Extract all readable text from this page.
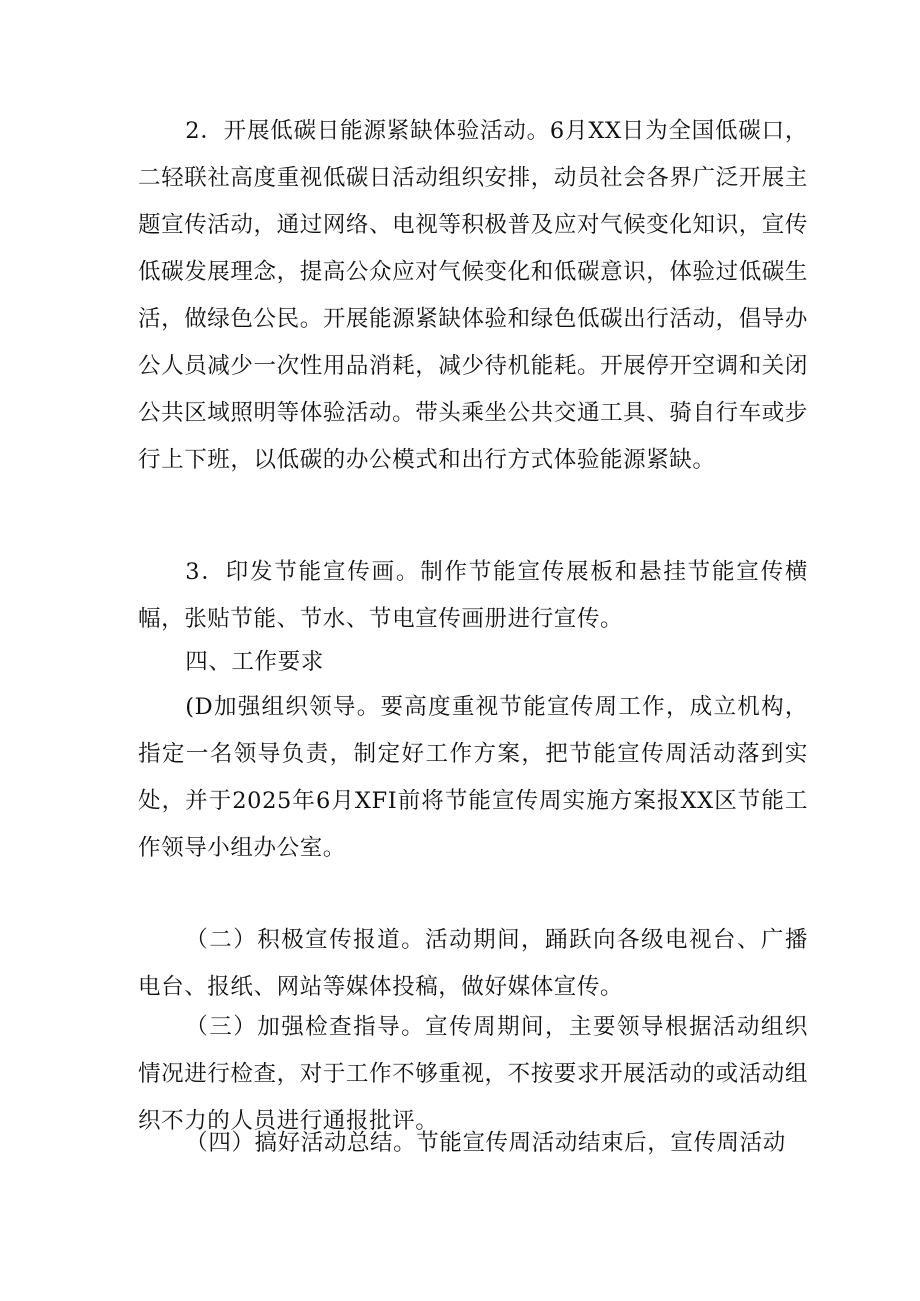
2．开展低碳日能源紧缺体验活动。6月XX日为全国低碳口，二轻联社高度重视低碳日活动组织安排，动员社会各界广泛开展主题宣传活动，通过网络、电视等积极普及应对气候变化知识，宣传低碳发展理念，提高公众应对气候变化和低碳意识，体验过低碳生活，做绿色公民。开展能源紧缺体验和绿色低碳出行活动，倡导办公人员减少一次性用品消耗，减少待机能耗。开展停开空调和关闭公共区域照明等体验活动。带头乘坐公共交通工具、骑自行车或步行上下班，以低碳的办公模式和出行方式体验能源紧缺。

3．印发节能宣传画。制作节能宣传展板和悬挂节能宣传横幅，张贴节能、节水、节电宣传画册进行宣传。

四、工作要求

(D加强组织领导。要高度重视节能宣传周工作，成立机构，指定一名领导负责，制定好工作方案，把节能宣传周活动落到实处，并于2025年6月XFI前将节能宣传周实施方案报XX区节能工作领导小组办公室。

（二）积极宣传报道。活动期间，踊跃向各级电视台、广播电台、报纸、网站等媒体投稿，做好媒体宣传。

（三）加强检查指导。宣传周期间，主要领导根据活动组织情况进行检查，对于工作不够重视，不按要求开展活动的或活动组织不力的人员进行通报批评。

（四）搞好活动总结。节能宣传周活动结束后，宣传周活动
